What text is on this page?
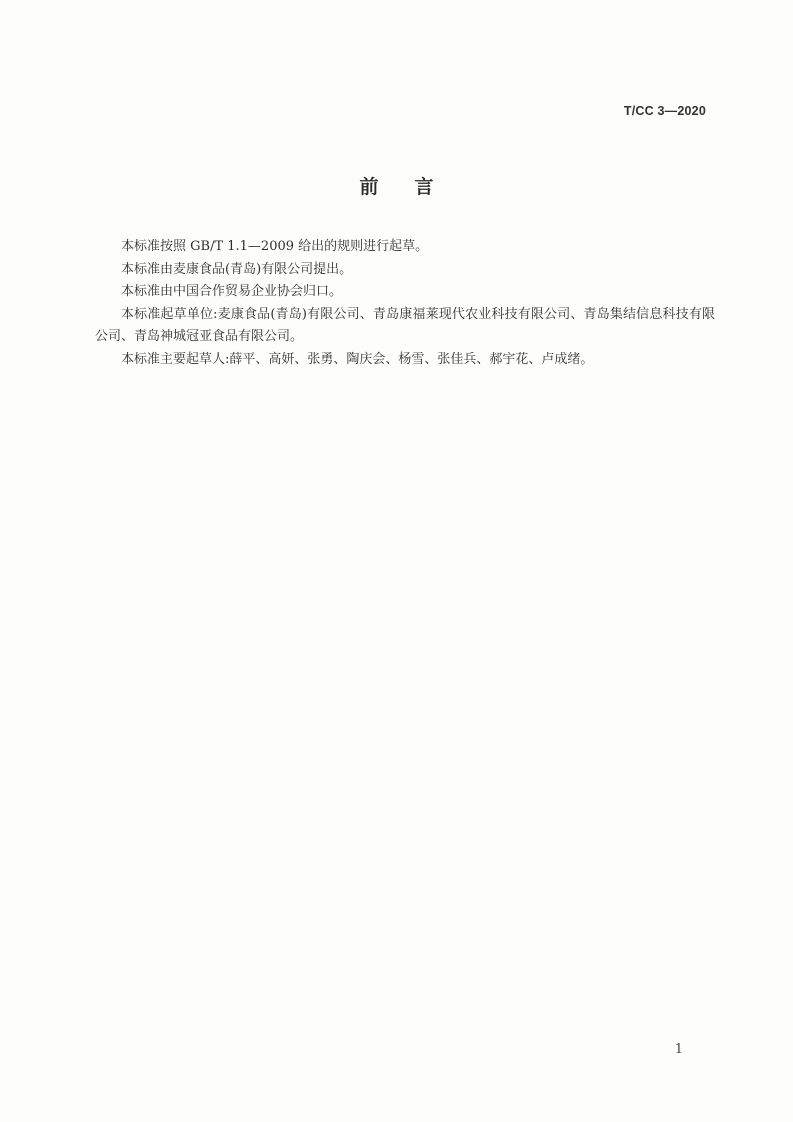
T/CC 3—2020
前言

本标准按照 GB/T 1.1—2009 给出的规则进行起草。

本标准由麦康食品(青岛)有限公司提出。

本标准由中国合作贸易企业协会归口。

本标准起草单位:麦康食品(青岛)有限公司、青岛康福莱现代农业科技有限公司、青岛集结信息科技有限公司、青岛神城冠亚食品有限公司。

本标准主要起草人:薛平、高妍、张勇、陶庆会、杨雪、张佳兵、郝宇花、卢成绪。

1
